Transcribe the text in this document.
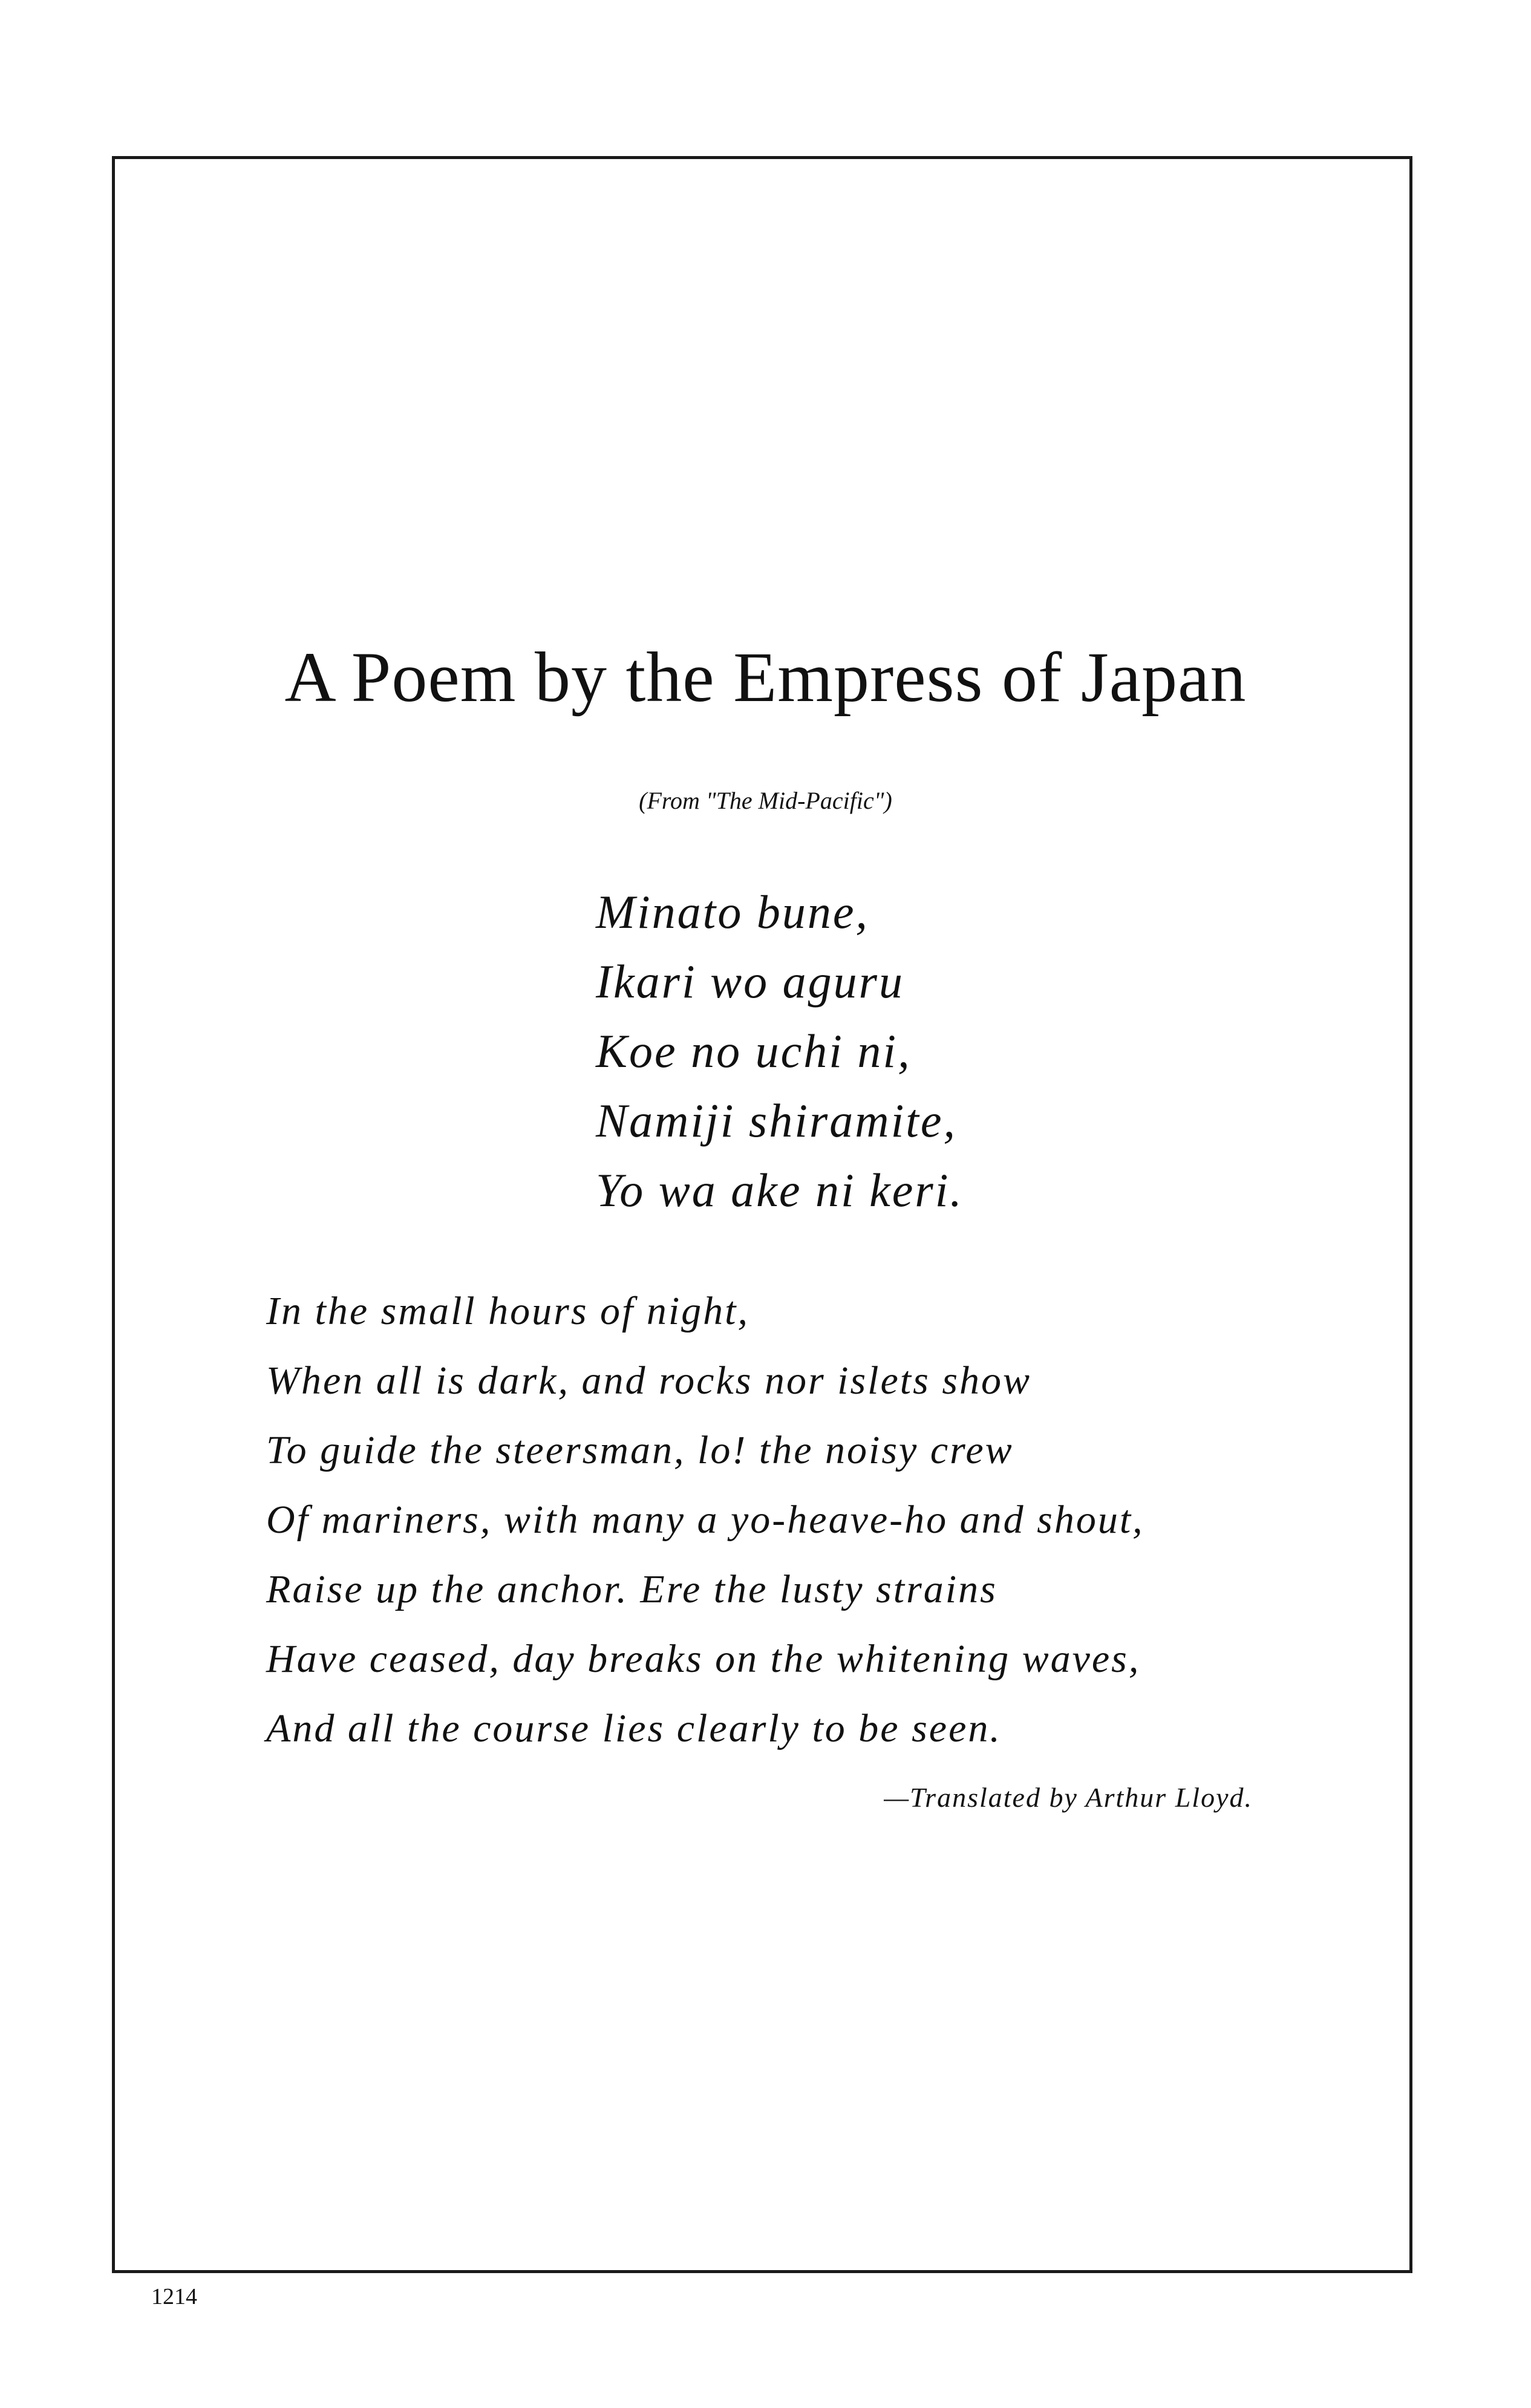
A Poem by the Empress of Japan
(From "The Mid-Pacific")
Minato bune,
Ikari wo aguru
Koe no uchi ni,
Namiji shiramite,
Yo wa ake ni keri.
In the small hours of night,
When all is dark, and rocks nor islets show
To guide the steersman, lo! the noisy crew
Of mariners, with many a yo-heave-ho and shout,
Raise up the anchor. Ere the lusty strains
Have ceased, day breaks on the whitening waves,
And all the course lies clearly to be seen.
—Translated by Arthur Lloyd.
1214
